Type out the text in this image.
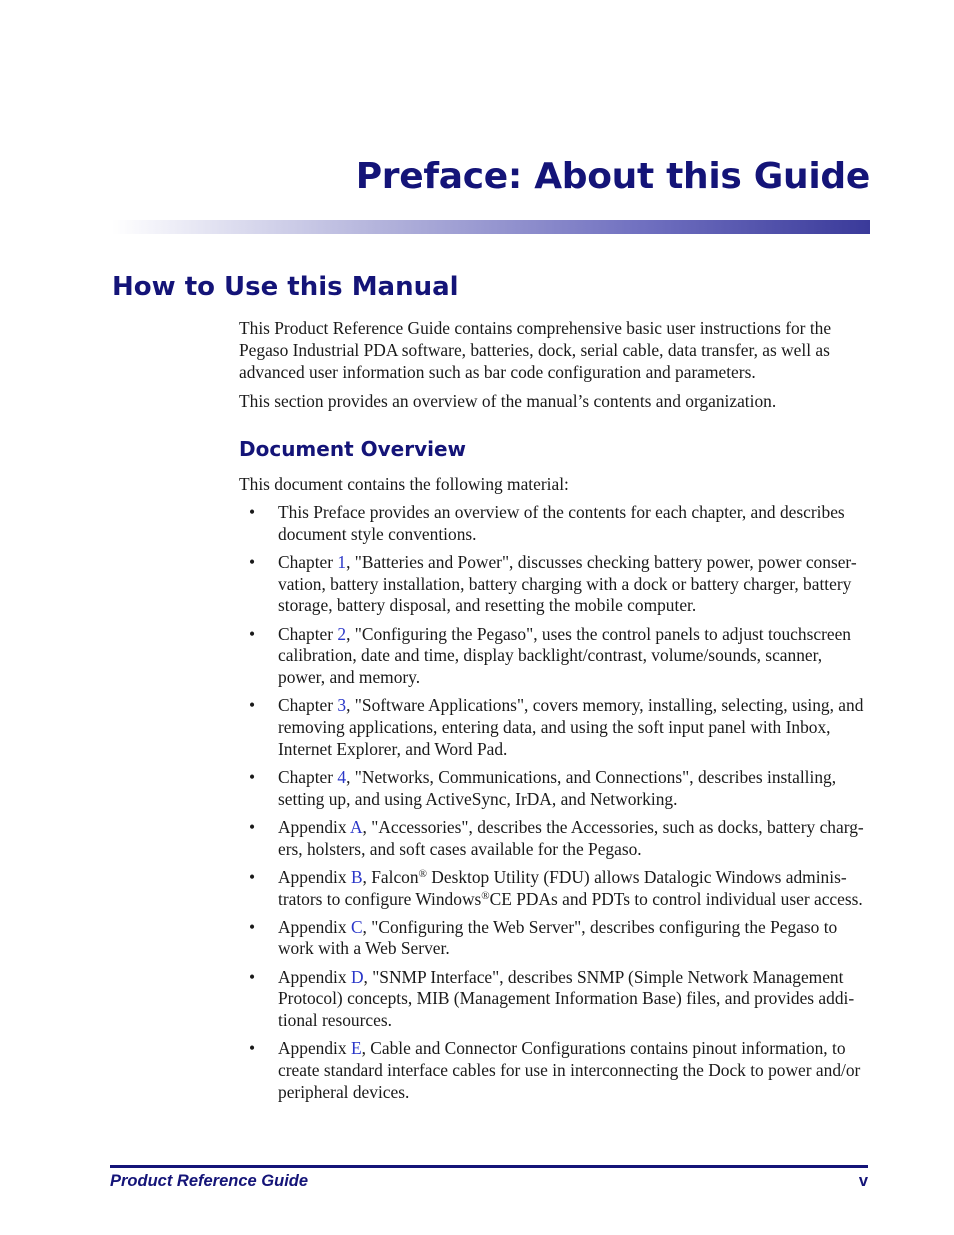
Preface: About this Guide
How to Use this Manual

This Product Reference Guide contains comprehensive basic user instructions for the Pegaso Industrial PDA software, batteries, dock, serial cable, data transfer, as well as advanced user information such as bar code configuration and parameters.

This section provides an overview of the manual’s contents and organization.

Document Overview
This document contains the following material:
• This Preface provides an overview of the contents for each chapter, and describes document style conventions.
• Chapter 1, "Batteries and Power", discusses checking battery power, power conser-vation, battery installation, battery charging with a dock or battery charger, battery storage, battery disposal, and resetting the mobile computer.
• Chapter 2, "Configuring the Pegaso", uses the control panels to adjust touchscreen calibration, date and time, display backlight/contrast, volume/sounds, scanner, power, and memory.
• Chapter 3, "Software Applications", covers memory, installing, selecting, using, and removing applications, entering data, and using the soft input panel with Inbox, Internet Explorer, and Word Pad.
• Chapter 4, "Networks, Communications, and Connections", describes installing, setting up, and using ActiveSync, IrDA, and Networking.
• Appendix A, "Accessories", describes the Accessories, such as docks, battery charg-ers, holsters, and soft cases available for the Pegaso.
• Appendix B, Falcon® Desktop Utility (FDU) allows Datalogic Windows adminis-trators to configure Windows®CE PDAs and PDTs to control individual user access.
• Appendix C, "Configuring the Web Server", describes configuring the Pegaso to work with a Web Server.
• Appendix D, "SNMP Interface", describes SNMP (Simple Network Management Protocol) concepts, MIB (Management Information Base) files, and provides addi-tional resources.
• Appendix E, Cable and Connector Configurations contains pinout information, to create standard interface cables for use in interconnecting the Dock to power and/or peripheral devices.

Product Reference Guide	v
